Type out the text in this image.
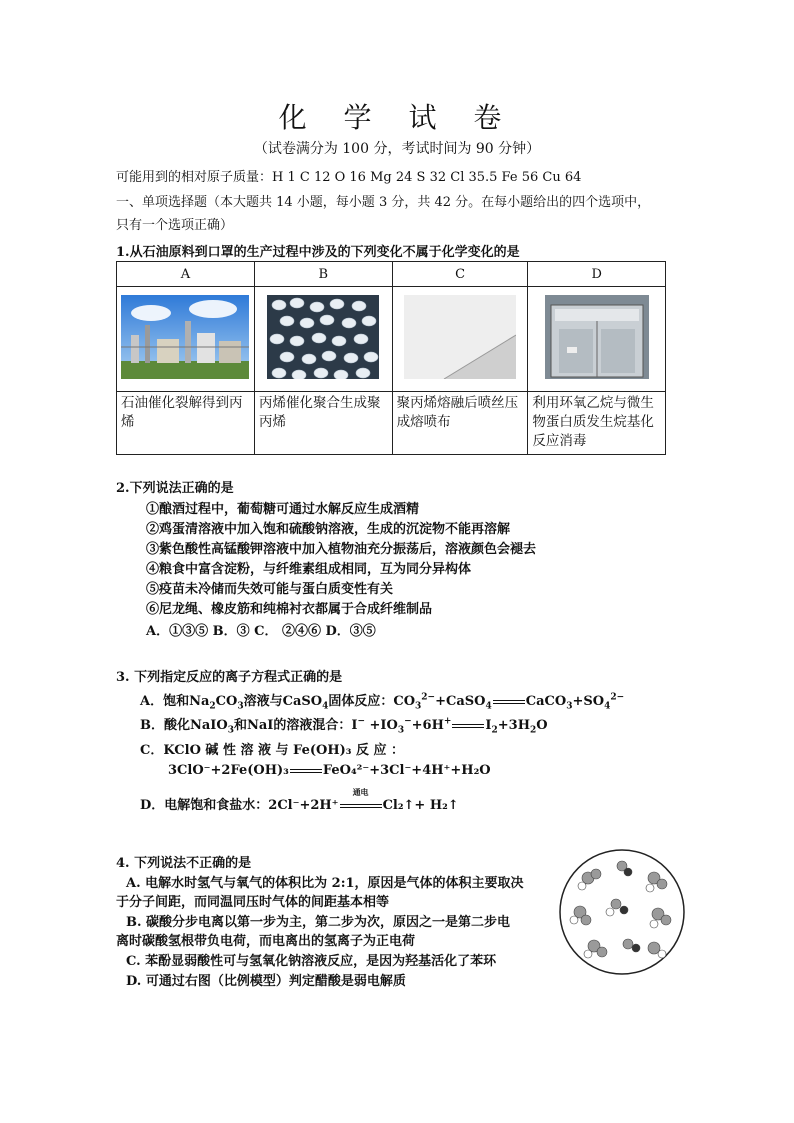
化 学 试 卷
（试卷满分为 100 分，考试时间为 90 分钟）
可能用到的相对原子质量：H 1 C 12 O 16 Mg 24 S 32 Cl 35.5 Fe 56 Cu 64
一、单项选择题（本大题共 14 小题，每小题 3 分，共 42 分。在每小题给出的四个选项中，
只有一个选项正确）
1.从石油原料到口罩的生产过程中涉及的下列变化不属于化学变化的是
A	B	C	D

石油催化裂解得到丙烯	丙烯催化聚合生成聚丙烯	聚丙烯熔融后喷丝压成熔喷布	利用环氧乙烷与微生物蛋白质发生烷基化反应消毒
2.下列说法正确的是
①酿酒过程中，葡萄糖可通过水解反应生成酒精
②鸡蛋清溶液中加入饱和硫酸钠溶液，生成的沉淀物不能再溶解
③紫色酸性高锰酸钾溶液中加入植物油充分振荡后，溶液颜色会褪去
④粮食中富含淀粉，与纤维素组成相同，互为同分异构体
⑤疫苗未冷储而失效可能与蛋白质变性有关
⑥尼龙绳、橡皮筋和纯棉衬衣都属于合成纤维制品
A．①③⑤ B．③ C． ②④⑥ D．③⑤
3. 下列指定反应的离子方程式正确的是
A．饱和$Na_2CO_3$溶液与CaSO$_4$固体反应：$CO_3^{2-}+CaSO_4$	$CaCO_3+SO_4^{2-}$
B．酸化NaIO$_3$和NaI的溶液混合：$I^- +IO_3^-+6H^+$	$I_2+3H_2O$
C．KClO 碱 性 溶 液 与 Fe(OH)₃ 反 应 ：
3ClO⁻+2Fe(OH)₃	FeO₄²⁻+3Cl⁻+4H⁺+H₂O
D．电解饱和食盐水：2Cl⁻+2H⁺
通电
Cl₂↑+ H₂↑
4. 下列说法不正确的是
A. 电解水时氢气与氧气的体积比为 2:1，原因是气体的体积主要取决
于分子间距，而同温同压时气体的间距基本相等
B. 碳酸分步电离以第一步为主，第二步为次，原因之一是第二步电
离时碳酸氢根带负电荷，而电离出的氢离子为正电荷
C. 苯酚显弱酸性可与氢氧化钠溶液反应，是因为羟基活化了苯环
D. 可通过右图（比例模型）判定醋酸是弱电解质
